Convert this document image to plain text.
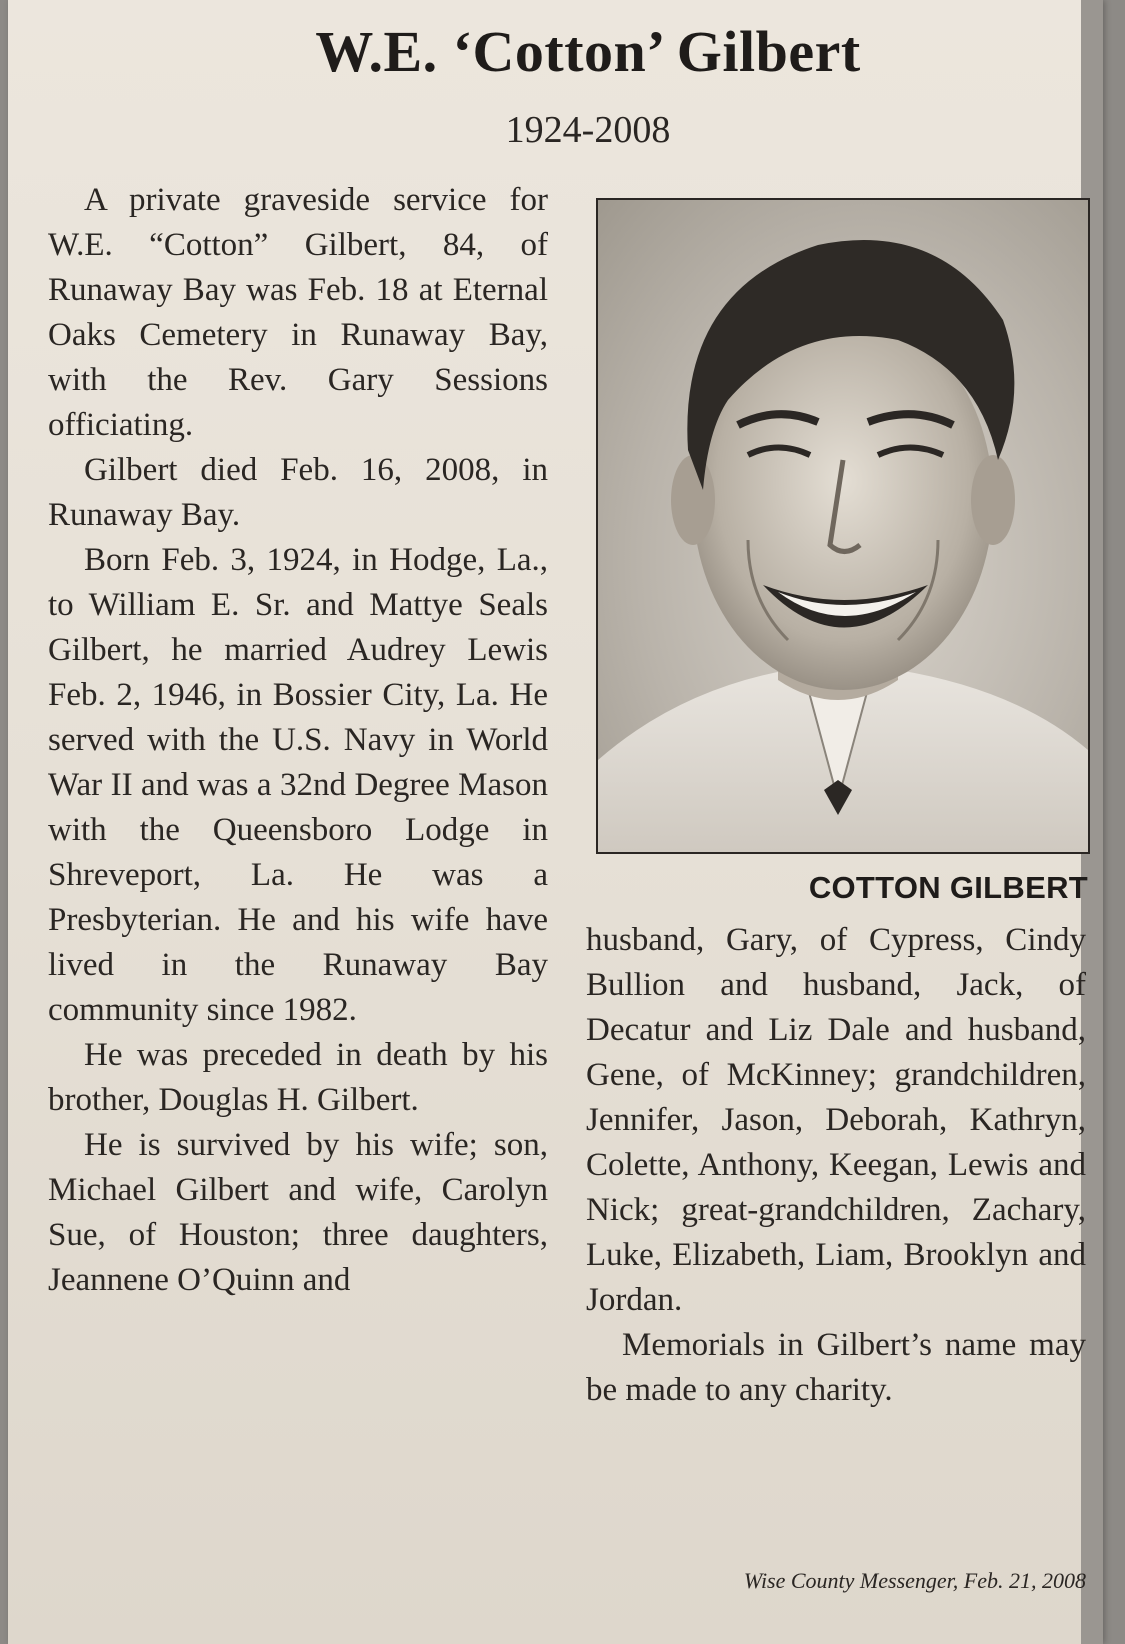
W.E. ‘Cotton’ Gilbert
1924-2008

A private graveside service for W.E. “Cotton” Gilbert, 84, of Runaway Bay was Feb. 18 at Eternal Oaks Cemetery in Runaway Bay, with the Rev. Gary Sessions officiating.

Gilbert died Feb. 16, 2008, in Runaway Bay.

Born Feb. 3, 1924, in Hodge, La., to William E. Sr. and Mattye Seals Gilbert, he married Audrey Lewis Feb. 2, 1946, in Bossier City, La. He served with the U.S. Navy in World War II and was a 32nd Degree Mason with the Queensboro Lodge in Shreveport, La. He was a Presbyterian. He and his wife have lived in the Runaway Bay community since 1982.

He was preceded in death by his brother, Douglas H. Gilbert.

He is survived by his wife; son, Michael Gilbert and wife, Carolyn Sue, of Houston; three daughters, Jeannene O’Quinn and

COTTON GILBERT

husband, Gary, of Cypress, Cindy Bullion and husband, Jack, of Decatur and Liz Dale and husband, Gene, of McKinney; grandchildren, Jennifer, Jason, Deborah, Kathryn, Colette, Anthony, Keegan, Lewis and Nick; great-grandchildren, Zachary, Luke, Elizabeth, Liam, Brooklyn and Jordan.

Memorials in Gilbert’s name may be made to any charity.

Wise County Messenger, Feb. 21, 2008
